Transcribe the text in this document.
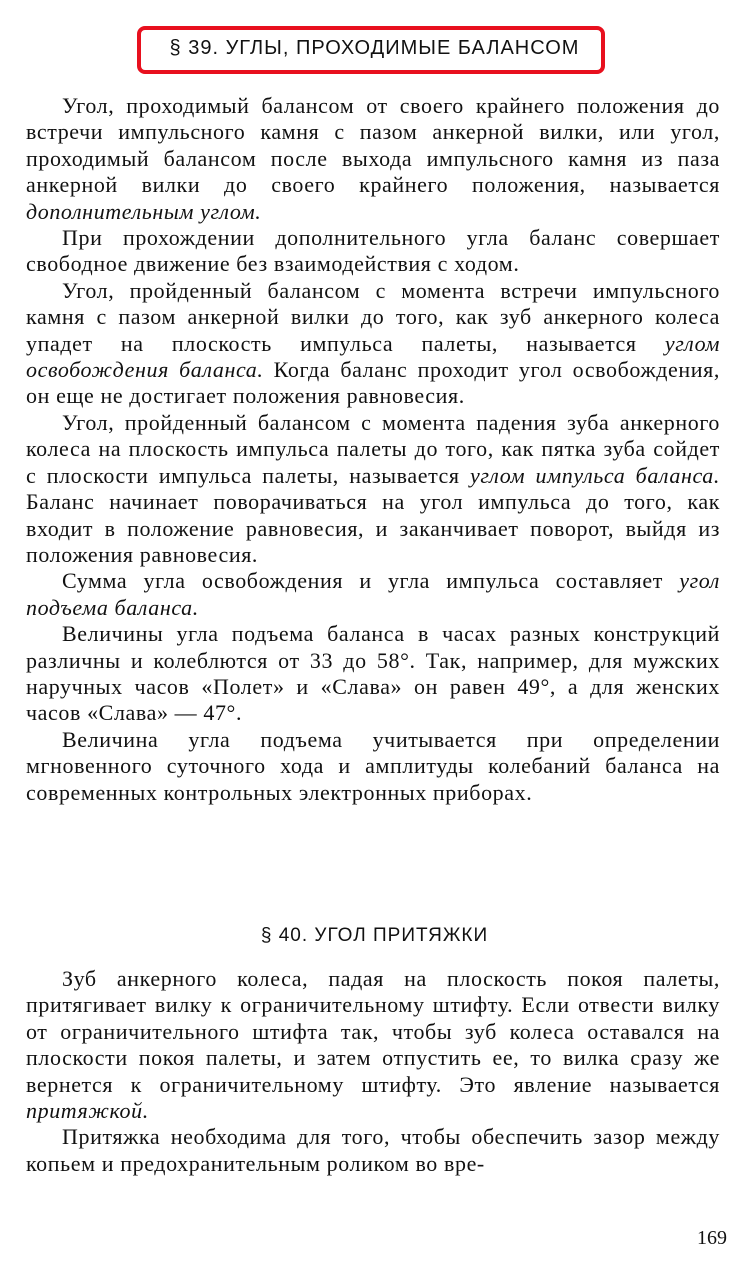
§ 39. УГЛЫ, ПРОХОДИМЫЕ БАЛАНСОМ

Угол, проходимый балансом от своего крайнего положения до встречи импульсного камня с пазом анкерной вилки, или угол, проходимый балансом после выхода импульсного камня из паза анкерной вилки до своего крайнего положения, называется дополнительным углом.

При прохождении дополнительного угла баланс совершает свободное движение без взаимодействия с ходом.

Угол, пройденный балансом с момента встречи импульсного камня с пазом анкерной вилки до того, как зуб анкерного колеса упадет на плоскость импульса палеты, называется углом освобождения баланса. Когда баланс проходит угол освобождения, он еще не достигает положения равновесия.

Угол, пройденный балансом с момента падения зуба анкерного колеса на плоскость импульса палеты до того, как пятка зуба сойдет с плоскости импульса палеты, называется углом импульса баланса. Баланс начинает поворачиваться на угол импульса до того, как входит в положение равновесия, и заканчивает поворот, выйдя из положения равновесия.

Сумма угла освобождения и угла импульса составляет угол подъема баланса.

Величины угла подъема баланса в часах разных конструкций различны и колеблются от 33 до 58°. Так, например, для мужских наручных часов «Полет» и «Слава» он равен 49°, а для женских часов «Слава» — 47°.

Величина угла подъема учитывается при определении мгновенного суточного хода и амплитуды колебаний баланса на современных контрольных электронных приборах.

§ 40. УГОЛ ПРИТЯЖКИ

Зуб анкерного колеса, падая на плоскость покоя палеты, притягивает вилку к ограничительному штифту. Если отвести вилку от ограничительного штифта так, чтобы зуб колеса оставался на плоскости покоя палеты, и затем отпустить ее, то вилка сразу же вернется к ограничительному штифту. Это явление называется притяжкой.

Притяжка необходима для того, чтобы обеспечить зазор между копьем и предохранительным роликом во вре-

169
